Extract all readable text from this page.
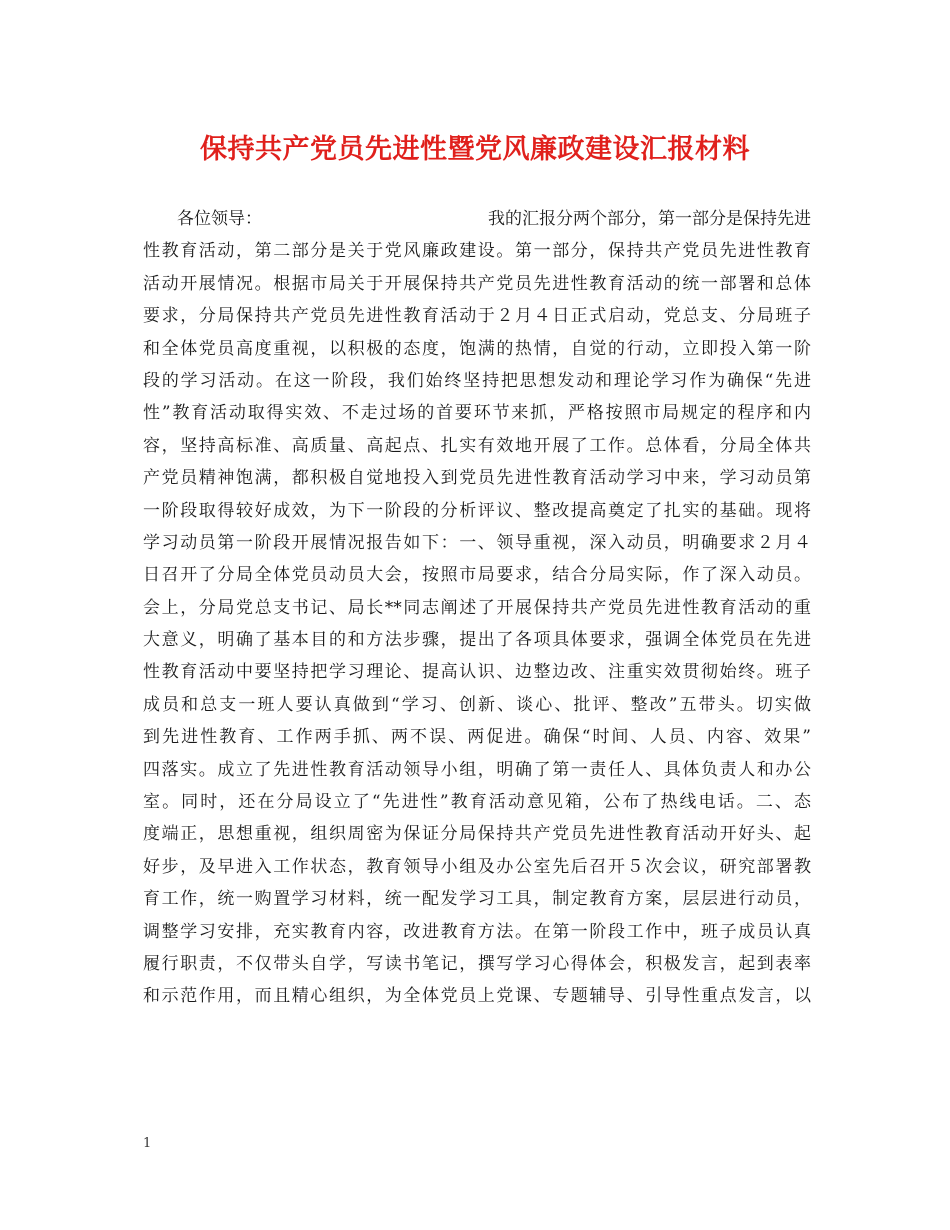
保持共产党员先进性暨党风廉政建设汇报材料
各位领导：	我的汇报分两个部分，第一部分是保持先进
性教育活动，第二部分是关于党风廉政建设。第一部分，保持共产党员先进性教育
活动开展情况。根据市局关于开展保持共产党员先进性教育活动的统一部署和总体
要求，分局保持共产党员先进性教育活动于２月４日正式启动，党总支、分局班子
和全体党员高度重视，以积极的态度，饱满的热情，自觉的行动，立即投入第一阶
段的学习活动。在这一阶段，我们始终坚持把思想发动和理论学习作为确保“先进
性”教育活动取得实效、不走过场的首要环节来抓，严格按照市局规定的程序和内
容，坚持高标准、高质量、高起点、扎实有效地开展了工作。总体看，分局全体共
产党员精神饱满，都积极自觉地投入到党员先进性教育活动学习中来，学习动员第
一阶段取得较好成效，为下一阶段的分析评议、整改提高奠定了扎实的基础。现将
学习动员第一阶段开展情况报告如下：一、领导重视，深入动员，明确要求２月４
日召开了分局全体党员动员大会，按照市局要求，结合分局实际，作了深入动员。
会上，分局党总支书记、局长**同志阐述了开展保持共产党员先进性教育活动的重
大意义，明确了基本目的和方法步骤，提出了各项具体要求，强调全体党员在先进
性教育活动中要坚持把学习理论、提高认识、边整边改、注重实效贯彻始终。班子
成员和总支一班人要认真做到“学习、创新、谈心、批评、整改”五带头。切实做
到先进性教育、工作两手抓、两不误、两促进。确保“时间、人员、内容、效果”
四落实。成立了先进性教育活动领导小组，明确了第一责任人、具体负责人和办公
室。同时，还在分局设立了“先进性”教育活动意见箱，公布了热线电话。二、态
度端正，思想重视，组织周密为保证分局保持共产党员先进性教育活动开好头、起
好步，及早进入工作状态，教育领导小组及办公室先后召开５次会议，研究部署教
育工作，统一购置学习材料，统一配发学习工具，制定教育方案，层层进行动员，
调整学习安排，充实教育内容，改进教育方法。在第一阶段工作中，班子成员认真
履行职责，不仅带头自学，写读书笔记，撰写学习心得体会，积极发言，起到表率
和示范作用，而且精心组织，为全体党员上党课、专题辅导、引导性重点发言，以
1
